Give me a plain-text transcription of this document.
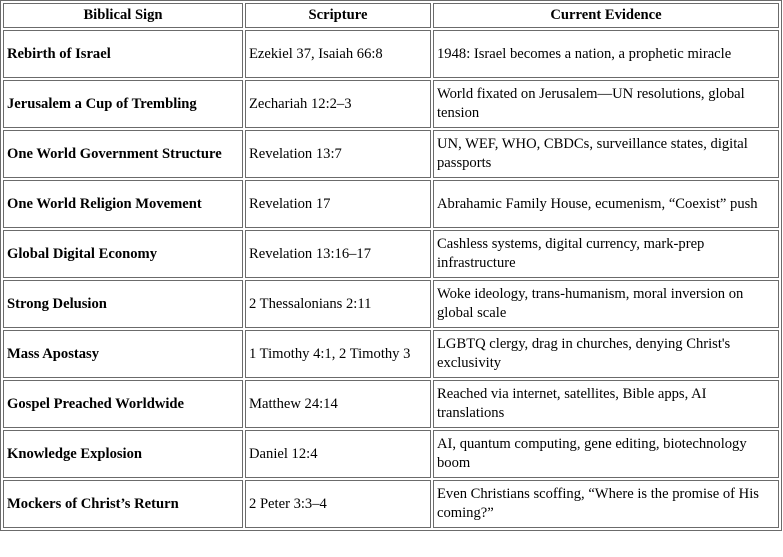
Biblical Sign	Scripture	Current Evidence
Rebirth of Israel	Ezekiel 37, Isaiah 66:8	1948: Israel becomes a nation, a prophetic miracle
Jerusalem a Cup of Trembling	Zechariah 12:2–3	World fixated on Jerusalem—UN resolutions, global tension
One World Government Structure	Revelation 13:7	UN, WEF, WHO, CBDCs, surveillance states, digital passports
One World Religion Movement	Revelation 17	Abrahamic Family House, ecumenism, “Coexist” push
Global Digital Economy	Revelation 13:16–17	Cashless systems, digital currency, mark-prep infrastructure
Strong Delusion	2 Thessalonians 2:11	Woke ideology, trans-humanism, moral inversion on global scale
Mass Apostasy	1 Timothy 4:1, 2 Timothy 3	LGBTQ clergy, drag in churches, denying Christ's exclusivity
Gospel Preached Worldwide	Matthew 24:14	Reached via internet, satellites, Bible apps, AI translations
Knowledge Explosion	Daniel 12:4	AI, quantum computing, gene editing, biotechnology boom
Mockers of Christ’s Return	2 Peter 3:3–4	Even Christians scoffing, “Where is the promise of His coming?”
